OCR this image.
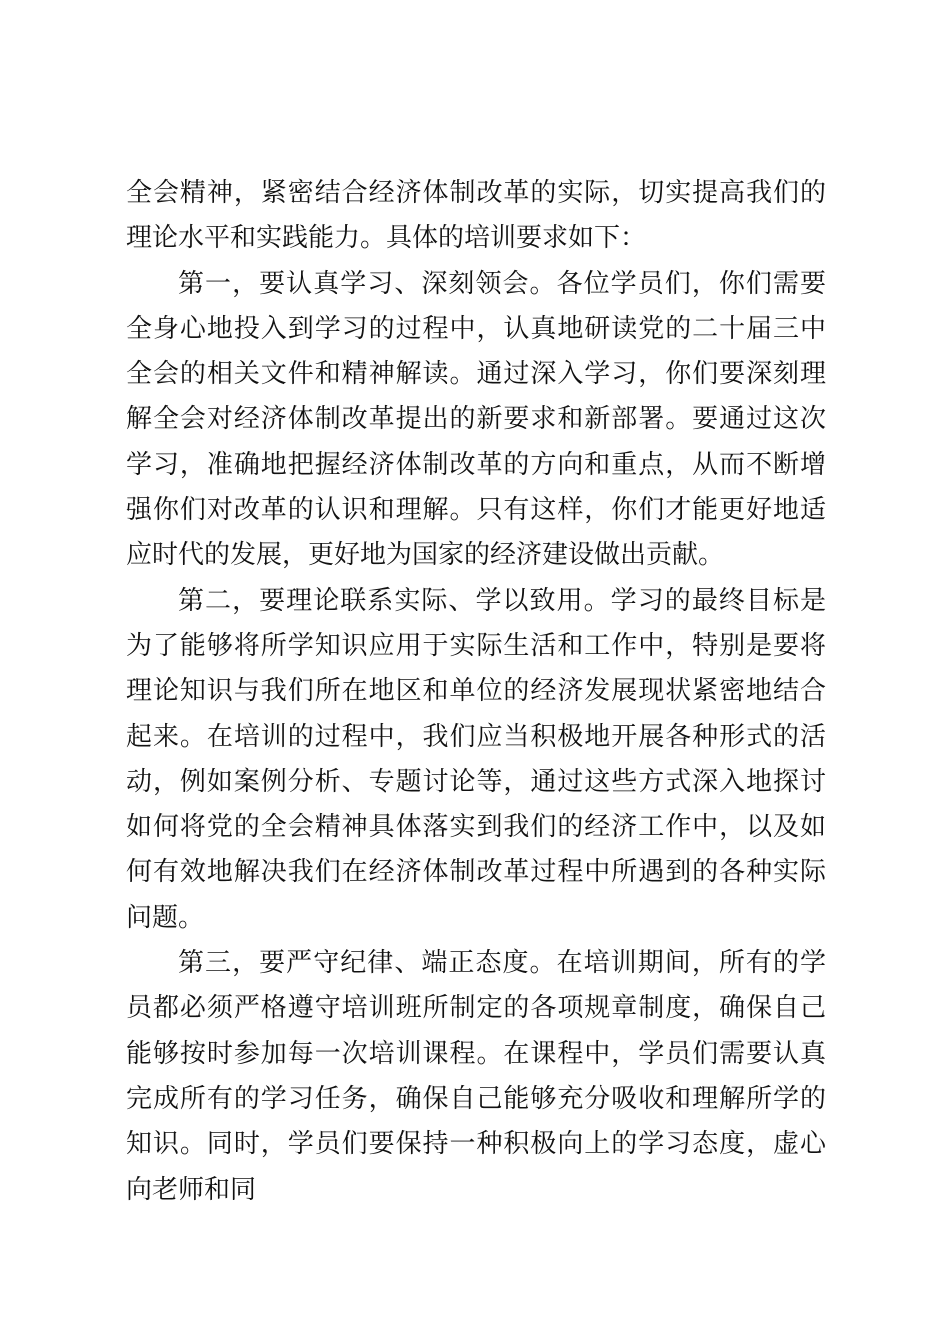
全会精神，紧密结合经济体制改革的实际，切实提高我们的理论水平和实践能力。具体的培训要求如下：

第一，要认真学习、深刻领会。各位学员们，你们需要全身心地投入到学习的过程中，认真地研读党的二十届三中全会的相关文件和精神解读。通过深入学习，你们要深刻理解全会对经济体制改革提出的新要求和新部署。要通过这次学习，准确地把握经济体制改革的方向和重点，从而不断增强你们对改革的认识和理解。只有这样，你们才能更好地适应时代的发展，更好地为国家的经济建设做出贡献。

第二，要理论联系实际、学以致用。学习的最终目标是为了能够将所学知识应用于实际生活和工作中，特别是要将理论知识与我们所在地区和单位的经济发展现状紧密地结合起来。在培训的过程中，我们应当积极地开展各种形式的活动，例如案例分析、专题讨论等，通过这些方式深入地探讨如何将党的全会精神具体落实到我们的经济工作中，以及如何有效地解决我们在经济体制改革过程中所遇到的各种实际问题。

第三，要严守纪律、端正态度。在培训期间，所有的学员都必须严格遵守培训班所制定的各项规章制度，确保自己能够按时参加每一次培训课程。在课程中，学员们需要认真完成所有的学习任务，确保自己能够充分吸收和理解所学的知识。同时，学员们要保持一种积极向上的学习态度，虚心向老师和同
